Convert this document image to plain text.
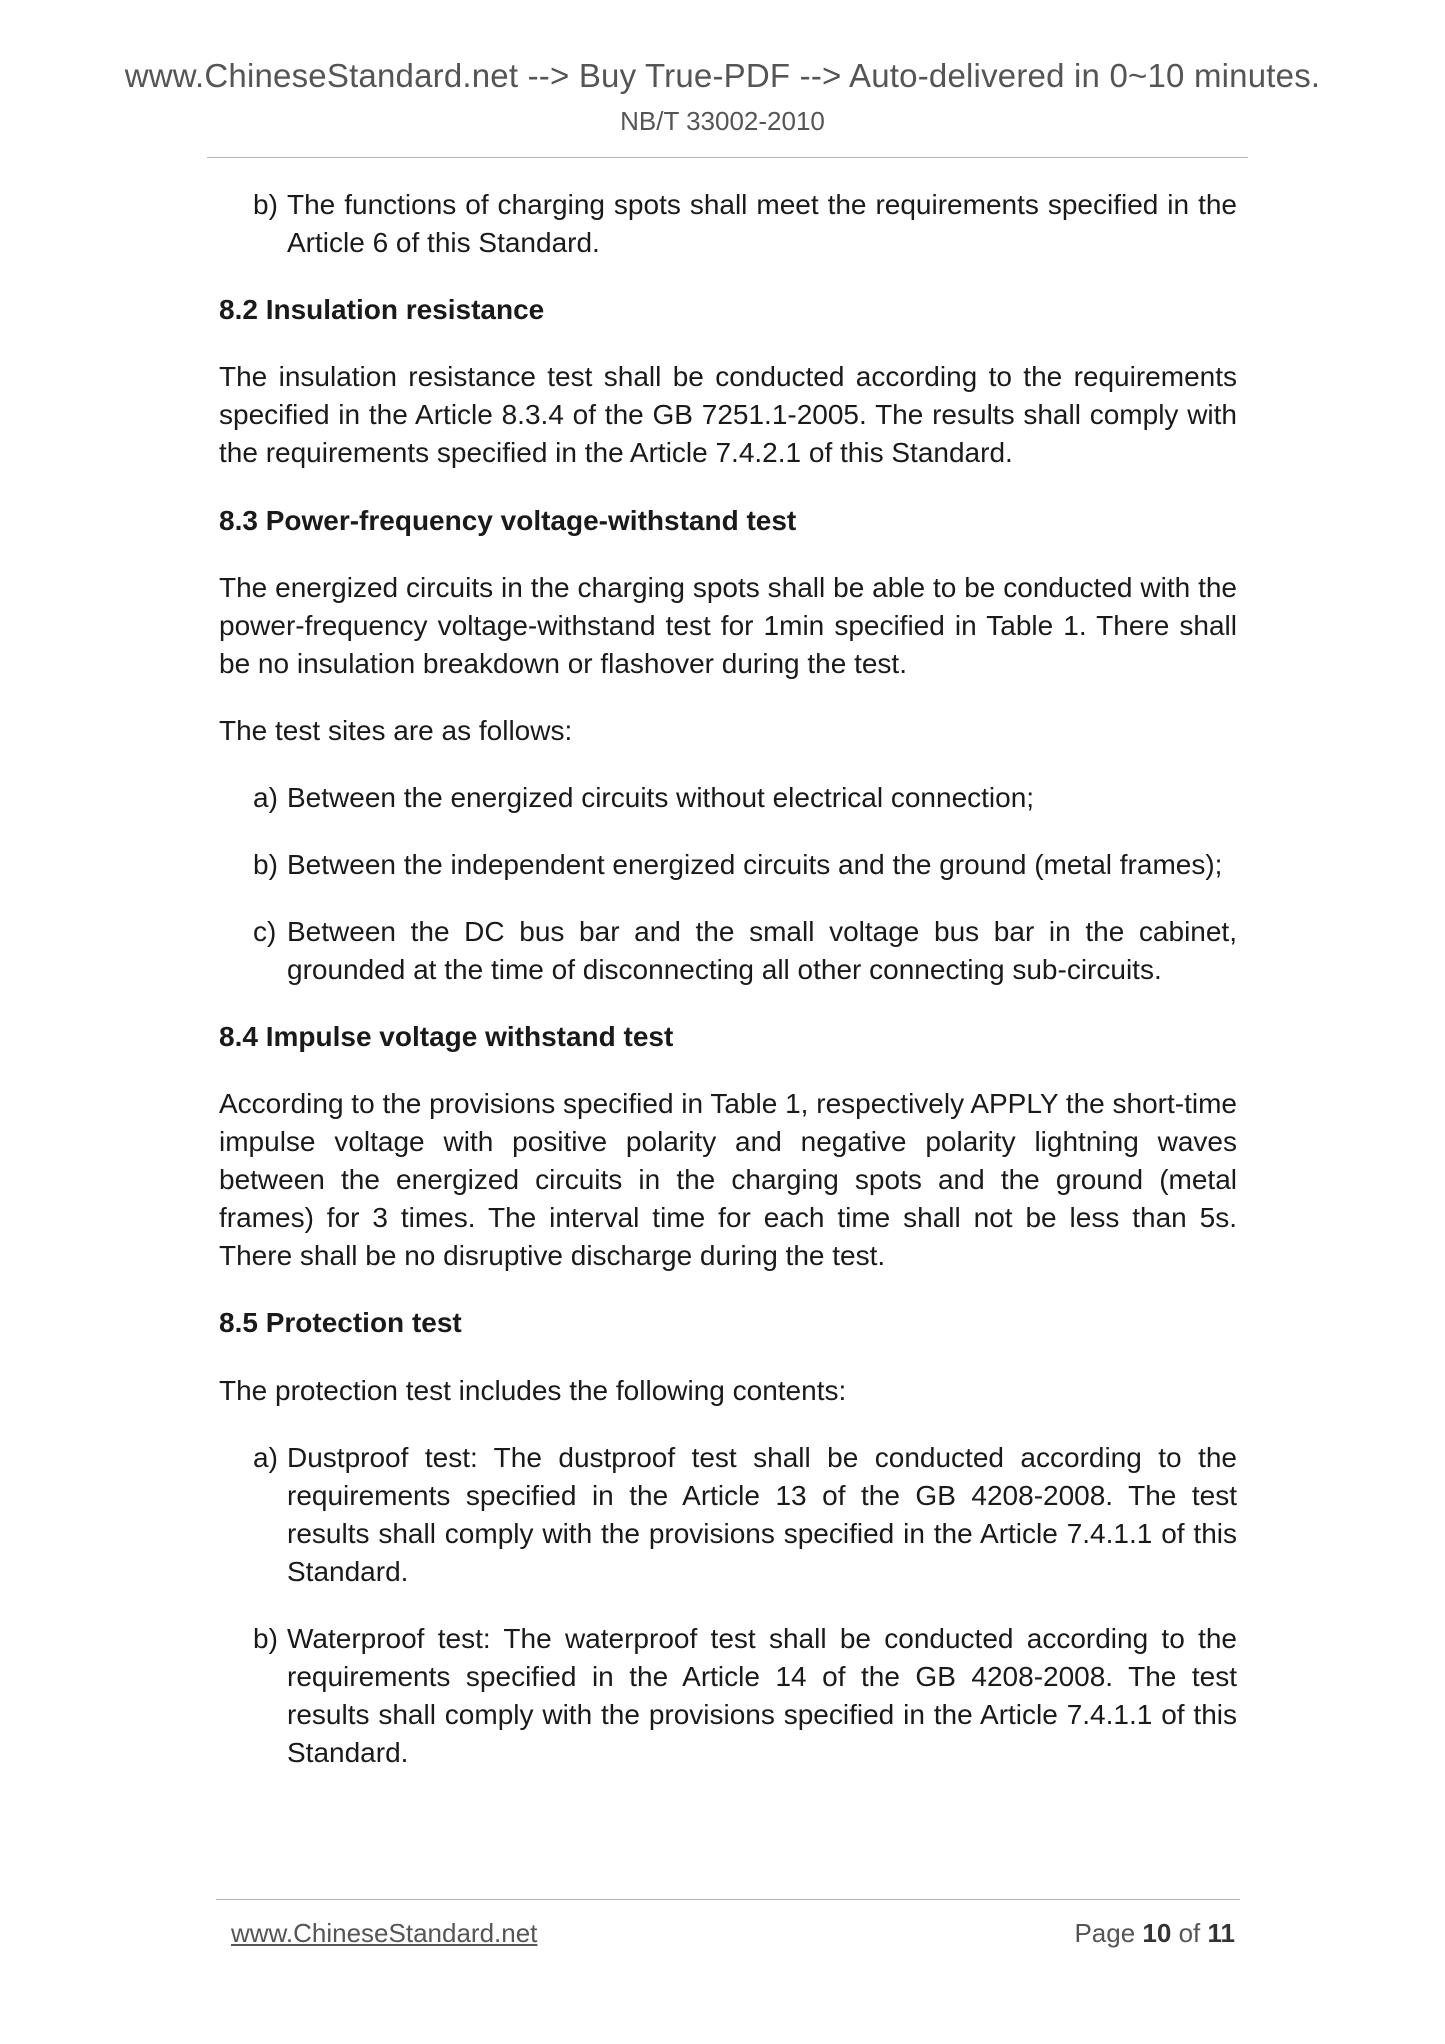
www.ChineseStandard.net --> Buy True-PDF --> Auto-delivered in 0~10 minutes.
NB/T 33002-2010

b) The functions of charging spots shall meet the requirements specified in the Article 6 of this Standard.

8.2 Insulation resistance

The insulation resistance test shall be conducted according to the requirements specified in the Article 8.3.4 of the GB 7251.1-2005. The results shall comply with the requirements specified in the Article 7.4.2.1 of this Standard.

8.3 Power-frequency voltage-withstand test

The energized circuits in the charging spots shall be able to be conducted with the power-frequency voltage-withstand test for 1min specified in Table 1. There shall be no insulation breakdown or flashover during the test.

The test sites are as follows:

a) Between the energized circuits without electrical connection;

b) Between the independent energized circuits and the ground (metal frames);

c) Between the DC bus bar and the small voltage bus bar in the cabinet, grounded at the time of disconnecting all other connecting sub-circuits.

8.4 Impulse voltage withstand test

According to the provisions specified in Table 1, respectively APPLY the short-time impulse voltage with positive polarity and negative polarity lightning waves between the energized circuits in the charging spots and the ground (metal frames) for 3 times. The interval time for each time shall not be less than 5s. There shall be no disruptive discharge during the test.

8.5 Protection test

The protection test includes the following contents:

a) Dustproof test: The dustproof test shall be conducted according to the requirements specified in the Article 13 of the GB 4208-2008. The test results shall comply with the provisions specified in the Article 7.4.1.1 of this Standard.

b) Waterproof test: The waterproof test shall be conducted according to the requirements specified in the Article 14 of the GB 4208-2008. The test results shall comply with the provisions specified in the Article 7.4.1.1 of this Standard.

www.ChineseStandard.net	Page 10 of 11
